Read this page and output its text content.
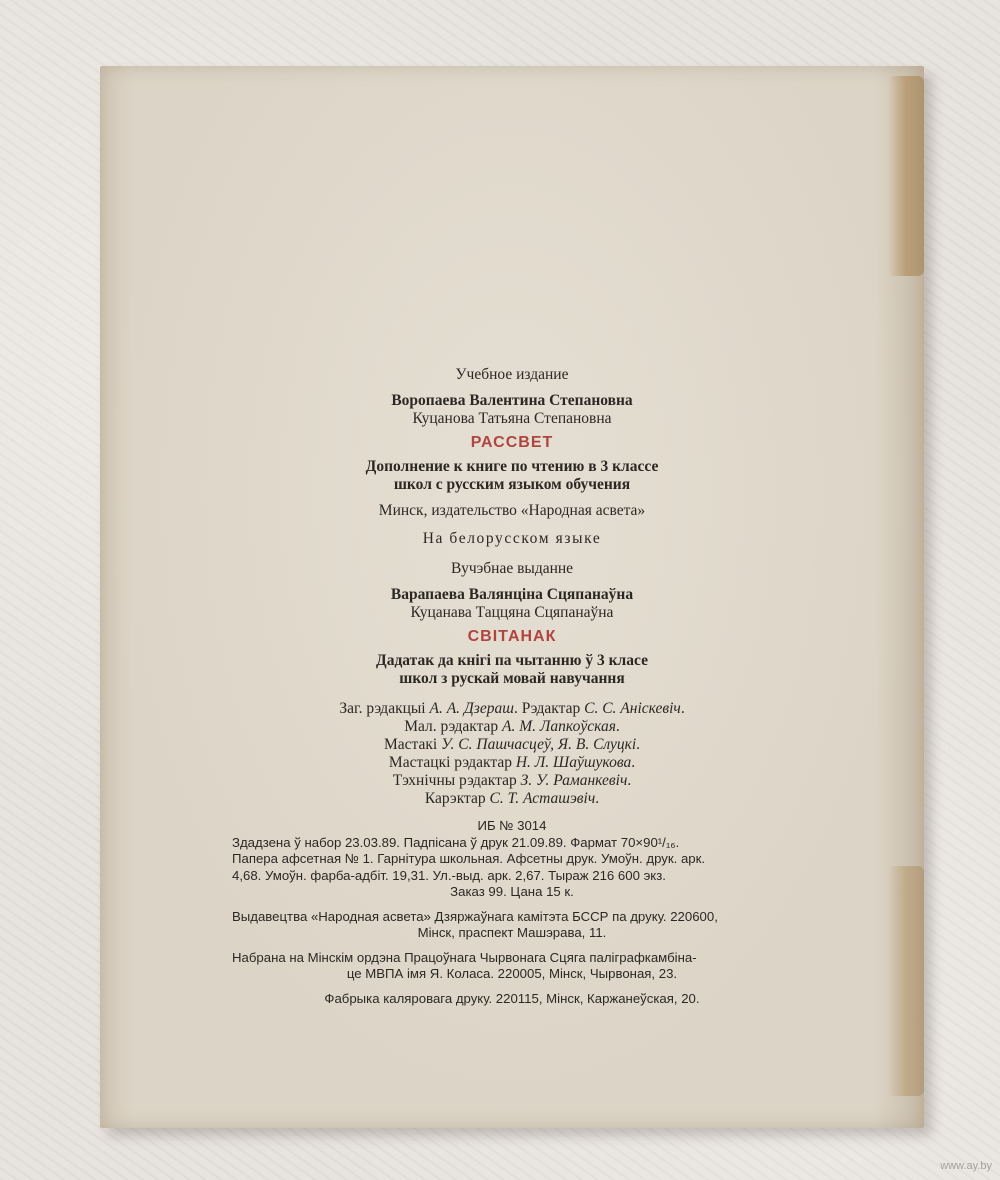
Учебное издание
Воропаева Валентина Степановна
Куцанова Татьяна Степановна
РАССВЕТ
Дополнение к книге по чтению в 3 классе
школ с русским языком обучения
Минск, издательство «Народная асвета»
На белорусском языке
Вучэбнае выданне
Варапаева Валянціна Сцяпанаўна
Куцанава Таццяна Сцяпанаўна
СВІТАНАК
Дадатак да кнігі па чытанню ў 3 класе
школ з рускай мовай навучання
Заг. рэдакцыі А. А. Дзераш. Рэдактар С. С. Аніскевіч.
Мал. рэдактар А. М. Лапкоўская.
Мастакі У. С. Пашчасцеў, Я. В. Слуцкі.
Мастацкі рэдактар Н. Л. Шаўшукова.
Тэхнічны рэдактар З. У. Раманкевіч.
Карэктар С. Т. Асташэвіч.
ИБ № 3014
Здадзена ў набор 23.03.89. Падпісана ў друк 21.09.89. Фармат 70×90¹/₁₆.
Папера афсетная № 1. Гарнітура школьная. Афсетны друк. Умоўн. друк. арк.
4,68. Умоўн. фарба-адбіт. 19,31. Ул.-выд. арк. 2,67. Тыраж 216 600 экз.
Заказ 99. Цана 15 к.
Выдавецтва «Народная асвета» Дзяржаўнага камітэта БССР па друку. 220600,
Мінск, праспект Машэрава, 11.
Набрана на Мінскім ордэна Працоўнага Чырвонага Сцяга паліграфкамбіна-
це МВПА імя Я. Коласа. 220005, Мінск, Чырвоная, 23.
Фабрыка каляровага друку. 220115, Мінск, Каржанеўская, 20.
www.ay.by
